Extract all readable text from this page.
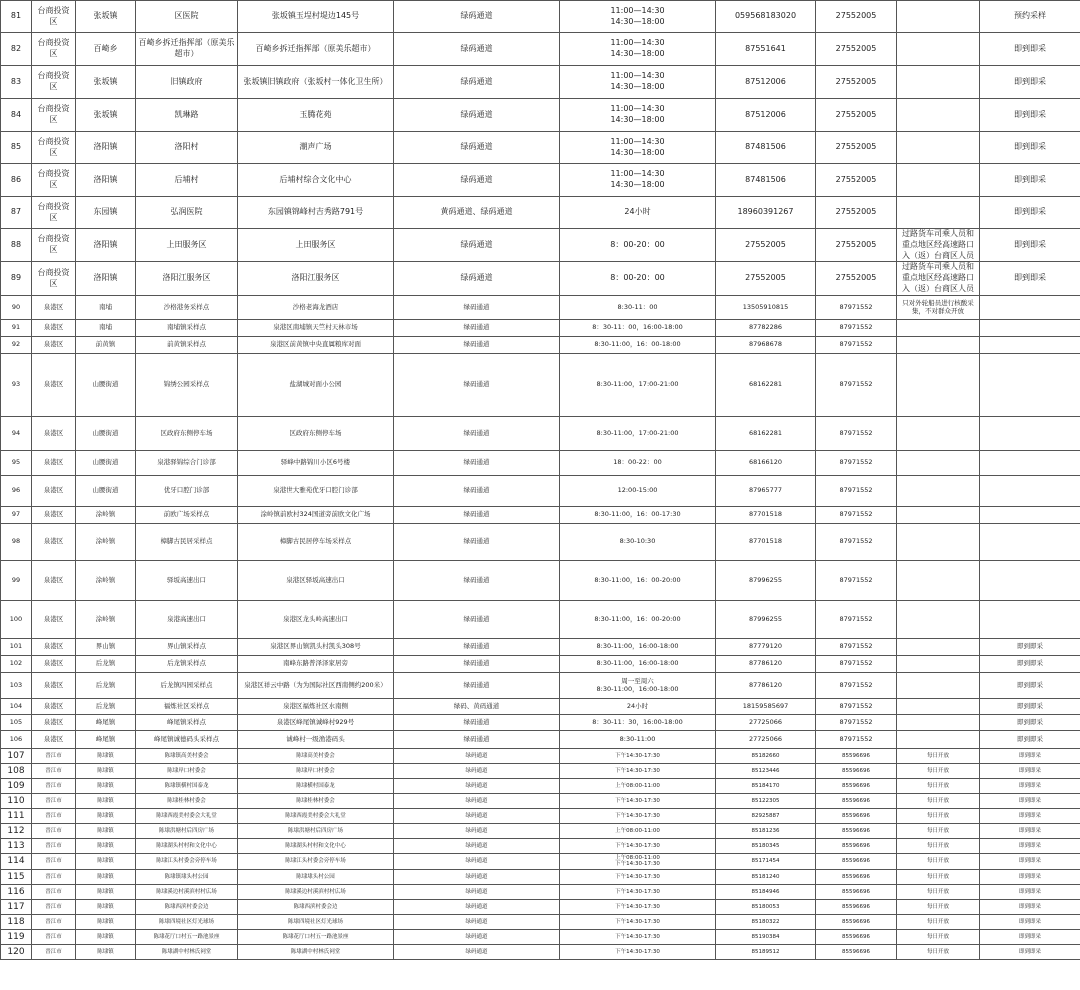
81	台商投资区	张坂镇	区医院	张坂镇玉埕村堤边145号	绿码通道	11:00—14:30
14:30—18:00	059568183020	27552005		预约采样
82	台商投资区	百崎乡	百崎乡拆迁指挥部（原美乐超市）	百崎乡拆迁指挥部（原美乐超市）	绿码通道	11:00—14:30
14:30—18:00	87551641	27552005		即到即采
83	台商投资区	张坂镇	旧镇政府	张坂镇旧镇政府（张坂村一体化卫生所）	绿码通道	11:00—14:30
14:30—18:00	87512006	27552005		即到即采
84	台商投资区	张坂镇	凯琳路	玉腾花苑	绿码通道	11:00—14:30
14:30—18:00	87512006	27552005		即到即采
85	台商投资区	洛阳镇	洛阳村	潮声广场	绿码通道	11:00—14:30
14:30—18:00	87481506	27552005		即到即采
86	台商投资区	洛阳镇	后埔村	后埔村综合文化中心	绿码通道	11:00—14:30
14:30—18:00	87481506	27552005		即到即采
87	台商投资区	东园镇	弘润医院	东园镇锦峰村吉秀路791号	黄码通道、绿码通道	24小时	18960391267	27552005		即到即采
88	台商投资区	洛阳镇	上田服务区	上田服务区	绿码通道	8：00-20：00	27552005	27552005	过路货车司乘人员和重点地区经高速路口入（返）台商区人员	即到即采
89	台商投资区	洛阳镇	洛阳江服务区	洛阳江服务区	绿码通道	8：00-20：00	27552005	27552005	过路货车司乘人员和重点地区经高速路口入（返）台商区人员	即到即采
90	泉港区	南埔	沙格港务采样点	沙格老海龙酒店	绿码通道	8:30-11：00	13505910815	87971552	只对外轮船员进行核酸采集，不对群众开放	
91	泉港区	南埔	南埔镇采样点	泉港区南埔镇天竺村天林市场	绿码通道	8：30-11：00，16:00-18:00	87782286	87971552		
92	泉港区	前黄镇	前黄镇采样点	泉港区前黄镇中央直属粮库对面	绿码通道	8:30-11:00，16：00-18:00	87968678	87971552		
93	泉港区	山腰街道	锦绣公园采样点	盐湖城对面小公园	绿码通道	8:30-11:00，17:00-21:00	68162281	87971552		
94	泉港区	山腰街道	区政府东侧停车场	区政府东侧停车场	绿码通道	8:30-11:00，17:00-21:00	68162281	87971552		
95	泉港区	山腰街道	泉港驿锦综合门诊部	驿峰中路锦川小区6号楼	绿码通道	18：00-22：00	68166120	87971552		
96	泉港区	山腰街道	优牙口腔门诊部	泉港世大雅苑优牙口腔门诊部	绿码通道	12:00-15:00	87965777	87971552		
97	泉港区	涂岭镇	前欧广场采样点	涂岭镇前欧村324国道旁前欧文化广场	绿码通道	8:30-11:00，16：00-17:30	87701518	87971552		
98	泉港区	涂岭镇	樟脚古民居采样点	樟脚古民居停车场采样点	绿码通道	8:30-10:30	87701518	87971552		
99	泉港区	涂岭镇	驿坂高速出口	泉港区驿坂高速出口	绿码通道	8:30-11:00，16：00-20:00	87996255	87971552		
100	泉港区	涂岭镇	泉港高速出口	泉港区龙头岭高速出口	绿码通道	8:30-11:00，16：00-20:00	87996255	87971552		
101	泉港区	界山镇	界山镇采样点	泉港区界山镇凯头村凯头308号	绿码通道	8:30-11:00，16:00-18:00	87779120	87971552		即到即采
102	泉港区	后龙镇	后龙镇采样点	南峰东路普泽泽家居旁	绿码通道	8:30-11:00，16:00-18:00	87786120	87971552		即到即采
103	泉港区	后龙镇	后龙镇四园采样点	泉港区祥云中路（为为国际社区西南侧约200米）	绿码通道	周一至周六
8:30-11:00，16:00-18:00	87786120	87971552		即到即采
104	泉港区	后龙镇	福炼社区采样点	泉港区福炼社区水南侧	绿码、黄码通道	24小时	18159585697	87971552		即到即采
105	泉港区	峰尾镇	峰尾镇采样点	泉港区峰尾镇诚峰村929号	绿码通道	8：30-11：30，16:00-18:00	27725066	87971552		即到即采
106	泉港区	峰尾镇	峰尾镇诚德码头采样点	诚峰村一级渔港码头	绿码通道	8:30-11:00	27725066	87971552		即到即采
107	晋江市	陈埭镇	陈埭镇高美村委会	陈埭高美村委会	绿码通道	下午14:30-17:30	85182660	85596696	每日开放	即到即采
108	晋江市	陈埭镇	陈埭岸口村委会	陈埭岸口村委会	绿码通道	下午14:30-17:30	85123446	85596696	每日开放	即到即采
109	晋江市	陈埭镇	陈埭镇横村国泰龙	陈埭横村国泰龙	绿码通道	上午08:00-11:00	85184170	85596696	每日开放	即到即采
110	晋江市	陈埭镇	陈埭桂林村委会	陈埭桂林村委会	绿码通道	下午14:30-17:30	85122305	85596696	每日开放	即到即采
111	晋江市	陈埭镇	陈埭西霞美村委会大礼堂	陈埭西霞美村委会大礼堂	绿码通道	下午14:30-17:30	82925887	85596696	每日开放	即到即采
112	晋江市	陈埭镇	陈埭洪塘村后四房广场	陈埭洪塘村后四房广场	绿码通道	上午08:00-11:00	85181236	85596696	每日开放	即到即采
113	晋江市	陈埭镇	陈埭湖头村村和文化中心	陈埭湖头村村和文化中心	绿码通道	下午14:30-17:30	85180345	85596696	每日开放	即到即采
114	晋江市	陈埭镇	陈埭江头村委会旁停车场	陈埭江头村委会旁停车场	绿码通道	上午08:00-11:00
下午14:30-17:30	85171454	85596696	每日开放	即到即采
115	晋江市	陈埭镇	陈埭镇埭头村公园	陈埭埭头村公园	绿码通道	下午14:30-17:30	85181240	85596696	每日开放	即到即采
116	晋江市	陈埭镇	陈埭溪边村溪滨村村広场	陈埭溪边村溪滨村村広场	绿码通道	下午14:30-17:30	85184946	85596696	每日开放	即到即采
117	晋江市	陈埭镇	陈埭西滨村委会边	陈埭西滨村委会边	绿码通道	下午14:30-17:30	85180053	85596696	每日开放	即到即采
118	晋江市	陈埭镇	陈埭四境社区灯光球场	陈埭四境社区灯光球场	绿码通道	下午14:30-17:30	85180322	85596696	每日开放	即到即采
119	晋江市	陈埭镇	陈埭花厅口村五一路池景座	陈埭花厅口村五一路池景座	绿码通道	下午14:30-17:30	85190384	85596696	每日开放	即到即采
120	晋江市	陈埭镇	陈埭湖中村林氏祠堂	陈埭湖中村林氏祠堂	绿码通道	下午14:30-17:30	85189512	85596696	每日开放	即到即采
